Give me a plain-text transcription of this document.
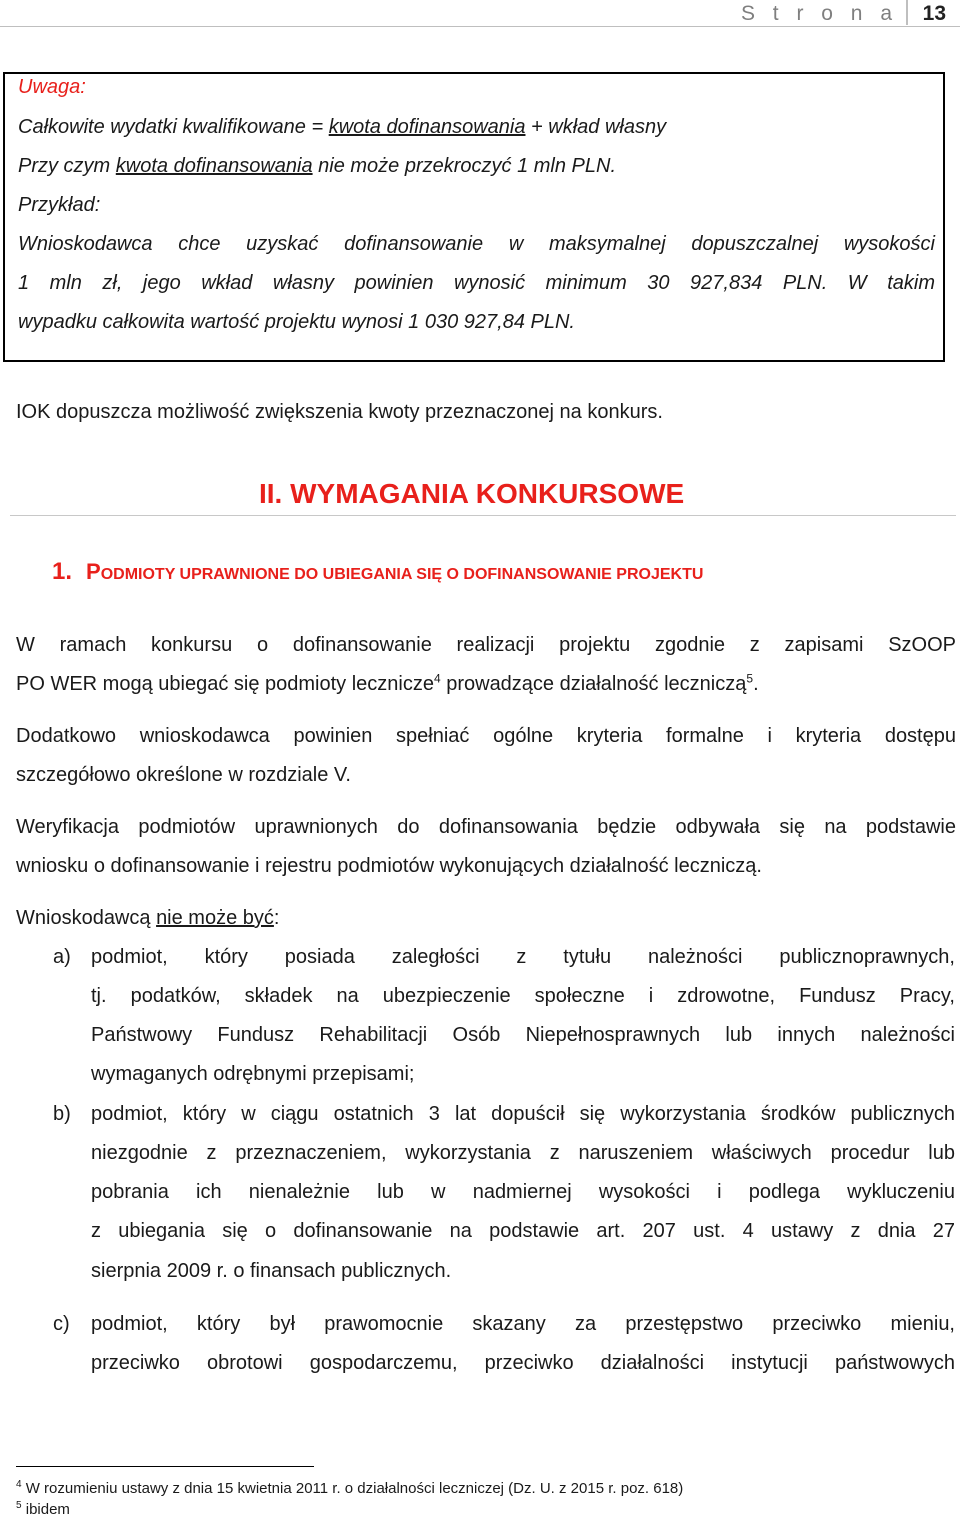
S t r o n a 13
Uwaga:
Całkowite wydatki kwalifikowane = kwota dofinansowania + wkład własny
Przy czym kwota dofinansowania nie może przekroczyć 1 mln PLN.
Przykład:
Wnioskodawca chce uzyskać dofinansowanie w maksymalnej dopuszczalnej wysokości
1 mln zł, jego wkład własny powinien wynosić minimum 30 927,834 PLN. W takim
wypadku całkowita wartość projektu wynosi 1 030 927,84 PLN.
IOK dopuszcza możliwość zwiększenia kwoty przeznaczonej na konkurs.
II. WYMAGANIA KONKURSOWE
1. PODMIOTY UPRAWNIONE DO UBIEGANIA SIĘ O DOFINANSOWANIE PROJEKTU
W ramach konkursu o dofinansowanie realizacji projektu zgodnie z zapisami SzOOP
PO WER mogą ubiegać się podmioty lecznicze$^4$ prowadzące działalność leczniczą$^5$.
Dodatkowo wnioskodawca powinien spełniać ogólne kryteria formalne i kryteria dostępu
szczegółowo określone w rozdziale V.
Weryfikacja podmiotów uprawnionych do dofinansowania będzie odbywała się na podstawie
wniosku o dofinansowanie i rejestru podmiotów wykonujących działalność leczniczą.
Wnioskodawcą nie może być:
a) podmiot, który posiada zaległości z tytułu należności publicznoprawnych,
tj. podatków, składek na ubezpieczenie społeczne i zdrowotne, Fundusz Pracy,
Państwowy Fundusz Rehabilitacji Osób Niepełnosprawnych lub innych należności
wymaganych odrębnymi przepisami;
b) podmiot, który w ciągu ostatnich 3 lat dopuścił się wykorzystania środków publicznych
niezgodnie z przeznaczeniem, wykorzystania z naruszeniem właściwych procedur lub
pobrania ich nienależnie lub w nadmiernej wysokości i podlega wykluczeniu
z ubiegania się o dofinansowanie na podstawie art. 207 ust. 4 ustawy z dnia 27
sierpnia 2009 r. o finansach publicznych.
c) podmiot, który był prawomocnie skazany za przestępstwo przeciwko mieniu,
przeciwko obrotowi gospodarczemu, przeciwko działalności instytucji państwowych
$^4$ W rozumieniu ustawy z dnia 15 kwietnia 2011 r. o działalności leczniczej (Dz. U. z 2015 r. poz. 618)
$^5$ ibidem
